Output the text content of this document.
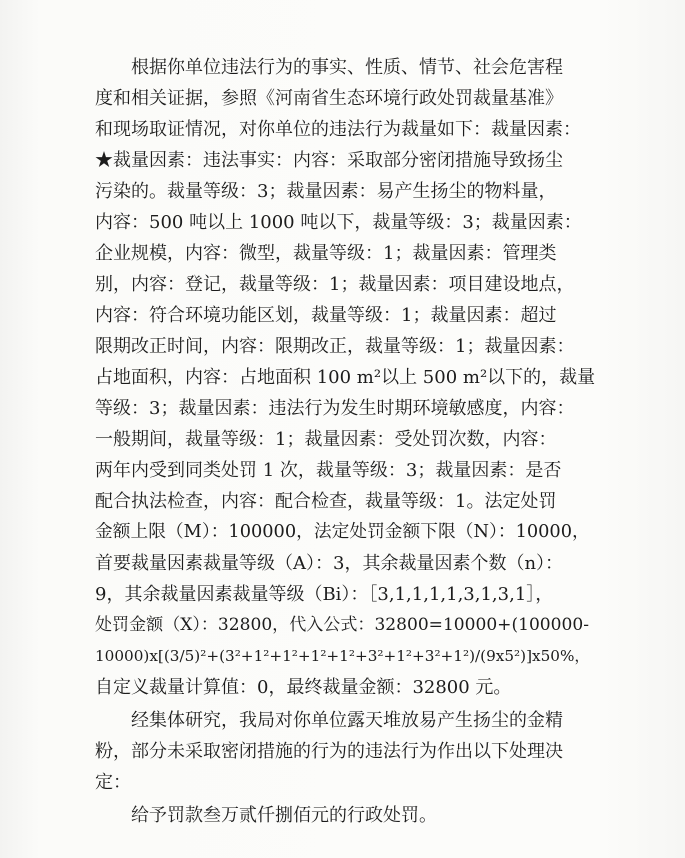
根据你单位违法行为的事实、性质、情节、社会危害程
度和相关证据，参照《河南省生态环境行政处罚裁量基准》
和现场取证情况，对你单位的违法行为裁量如下：裁量因素：
★裁量因素：违法事实：内容：采取部分密闭措施导致扬尘
污染的。裁量等级：3；裁量因素：易产生扬尘的物料量，
内容：500 吨以上 1000 吨以下，裁量等级：3；裁量因素：
企业规模，内容：微型，裁量等级：1；裁量因素：管理类
别，内容：登记，裁量等级：1；裁量因素：项目建设地点，
内容：符合环境功能区划，裁量等级：1；裁量因素：超过
限期改正时间，内容：限期改正，裁量等级：1；裁量因素：
占地面积，内容：占地面积 100 m²以上 500 m²以下的，裁量
等级：3；裁量因素：违法行为发生时期环境敏感度，内容：
一般期间，裁量等级：1；裁量因素：受处罚次数，内容：
两年内受到同类处罚 1 次，裁量等级：3；裁量因素：是否
配合执法检查，内容：配合检查，裁量等级：1。法定处罚
金额上限（M）：100000，法定处罚金额下限（N）：10000，
首要裁量因素裁量等级（A）：3，其余裁量因素个数（n）：
9，其余裁量因素裁量等级（Bi）：［3,1,1,1,1,3,1,3,1］，
处罚金额（X）：32800，代入公式：32800=10000+(100000-
10000)x[(3/5)²+(3²+1²+1²+1²+1²+3²+1²+3²+1²)/(9x5²)]x50%，
自定义裁量计算值：0，最终裁量金额：32800 元。
经集体研究，我局对你单位露天堆放易产生扬尘的金精
粉，部分未采取密闭措施的行为的违法行为作出以下处理决
定：
给予罚款叁万贰仟捌佰元的行政处罚。
